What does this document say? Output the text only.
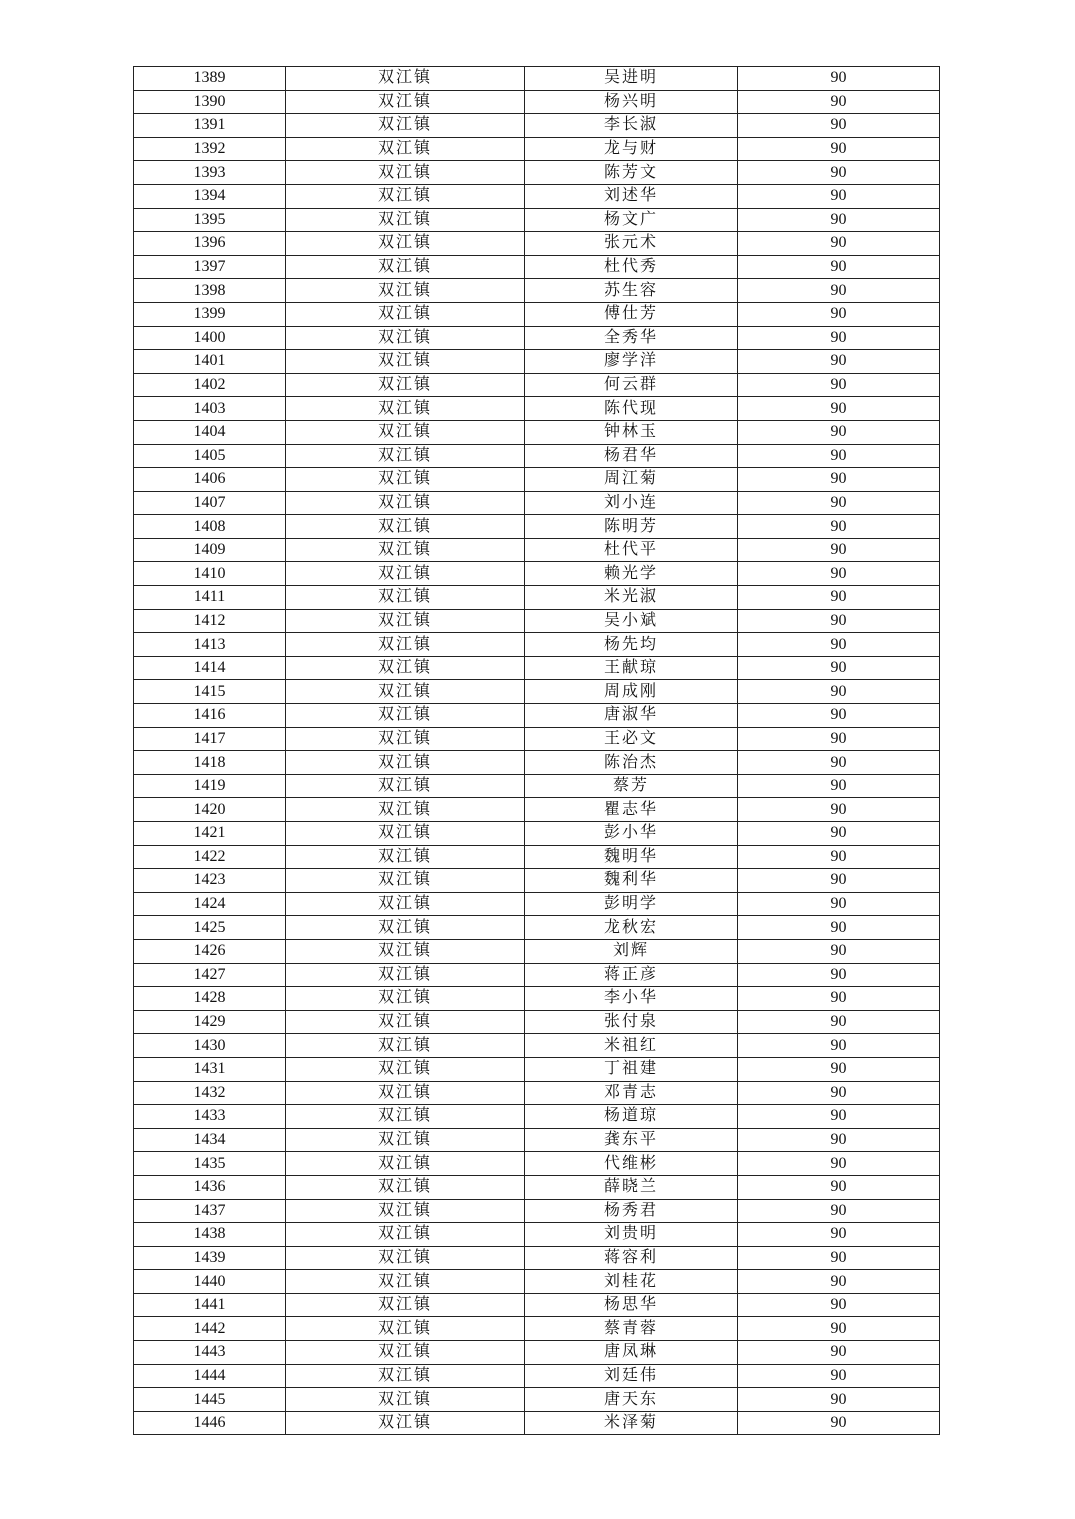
1389	双江镇	吴进明	90
1390	双江镇	杨兴明	90
1391	双江镇	李长淑	90
1392	双江镇	龙与财	90
1393	双江镇	陈芳文	90
1394	双江镇	刘述华	90
1395	双江镇	杨文广	90
1396	双江镇	张元术	90
1397	双江镇	杜代秀	90
1398	双江镇	苏生容	90
1399	双江镇	傅仕芳	90
1400	双江镇	全秀华	90
1401	双江镇	廖学洋	90
1402	双江镇	何云群	90
1403	双江镇	陈代现	90
1404	双江镇	钟林玉	90
1405	双江镇	杨君华	90
1406	双江镇	周江菊	90
1407	双江镇	刘小连	90
1408	双江镇	陈明芳	90
1409	双江镇	杜代平	90
1410	双江镇	赖光学	90
1411	双江镇	米光淑	90
1412	双江镇	吴小斌	90
1413	双江镇	杨先均	90
1414	双江镇	王献琼	90
1415	双江镇	周成刚	90
1416	双江镇	唐淑华	90
1417	双江镇	王必文	90
1418	双江镇	陈治杰	90
1419	双江镇	蔡芳	90
1420	双江镇	瞿志华	90
1421	双江镇	彭小华	90
1422	双江镇	魏明华	90
1423	双江镇	魏利华	90
1424	双江镇	彭明学	90
1425	双江镇	龙秋宏	90
1426	双江镇	刘辉	90
1427	双江镇	蒋正彦	90
1428	双江镇	李小华	90
1429	双江镇	张付泉	90
1430	双江镇	米祖红	90
1431	双江镇	丁祖建	90
1432	双江镇	邓青志	90
1433	双江镇	杨道琼	90
1434	双江镇	龚东平	90
1435	双江镇	代维彬	90
1436	双江镇	薛晓兰	90
1437	双江镇	杨秀君	90
1438	双江镇	刘贵明	90
1439	双江镇	蒋容利	90
1440	双江镇	刘桂花	90
1441	双江镇	杨思华	90
1442	双江镇	蔡青蓉	90
1443	双江镇	唐凤琳	90
1444	双江镇	刘廷伟	90
1445	双江镇	唐天东	90
1446	双江镇	米泽菊	90
